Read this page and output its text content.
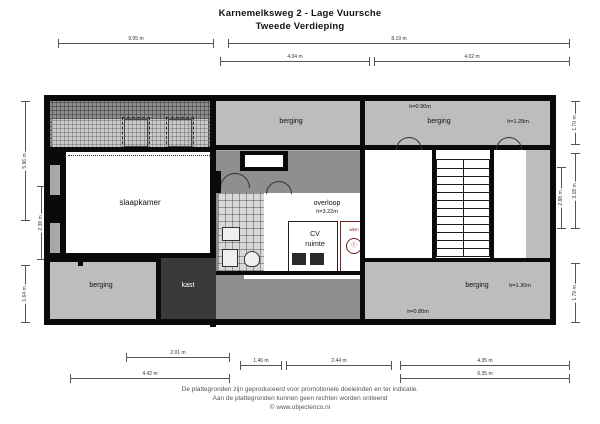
Karnemelksweg 2 - Lage Vuursche
Tweede Verdieping
9.05 m	8.19 m
4.04 m	4.02 m
5.96 m
1.64 m
2.38 m
1.70 m
3.18 m
1.79 m
2.88 m
2.01 m
1.46 m	2.44 m	4.35 m
4.42 m	6.35 m
slaapkamer
berging	kast
overloop
h=3.22m
berging
CV
ruimte
wkm
Ⓥ
berging	h=1.28m
h=0.90m
berging	h=1.30m
h=0.80m
De plattegronden zijn geproduceerd voor promotionele doeleinden en ter indicatie.
Aan de plattegronden kunnen geen rechten worden ontleend
© www.objectenco.nl
